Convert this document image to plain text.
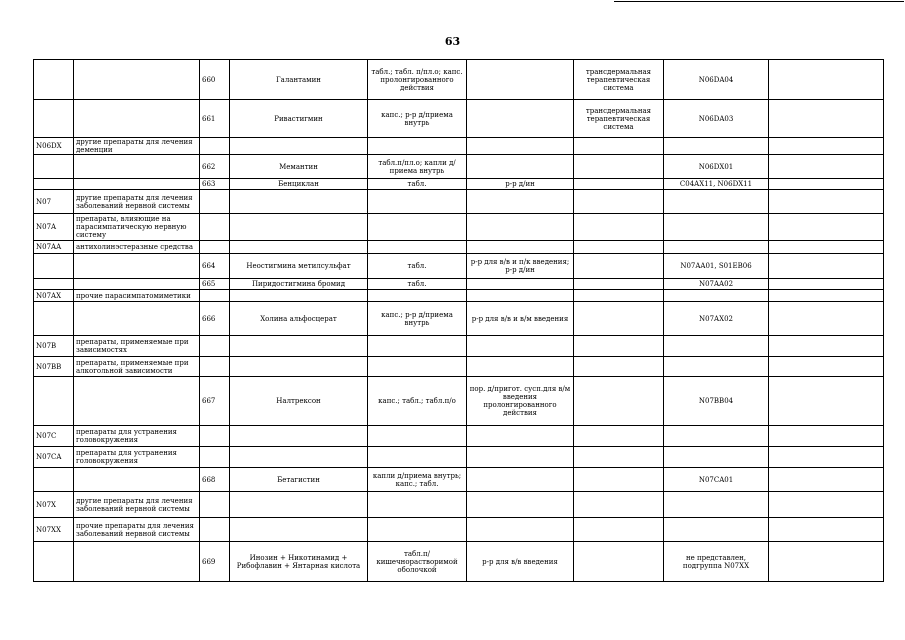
63
		660	Галантамин	табл.; табл. п/пл.о; капс. пролонгированного действия		трансдермальная терапевтическая система	N06DA04	
		661	Ривастигмин	капс.; р-р д/приема внутрь		трансдермальная терапевтическая система	N06DA03	
N06DX	другие препараты для лечения деменции							
		662	Мемантин	табл.п/пл.о; капли д/приема внутрь			N06DX01	
		663	Бенциклан	табл.	р-р д/ин		C04AX11, N06DX11	
N07	другие препараты для лечения заболеваний нервной системы							
N07A	препараты, влияющие на парасимпатическую нервную систему							
N07AA	антихолинэстеразные средства							
		664	Неостигмина метилсульфат	табл.	р-р для в/в и п/к введения; р-р д/ин		N07AA01, S01EB06	
		665	Пиридостигмина бромид	табл.			N07AA02	
N07AX	прочие парасимпатомиметики							
		666	Холина альфосцерат	капс.; р-р д/приема внутрь	р-р для в/в и в/м введения		N07AX02	
N07B	препараты, применяемые при зависимостях							
N07BB	препараты, применяемые при алкогольной зависимости							
		667	Налтрексон	капс.; табл.; табл.п/о	пор. д/пригот. сусп.для в/м введения пролонгированного действия		N07BB04	
N07C	препараты для устранения головокружения							
N07CA	препараты для устранения головокружения							
		668	Бетагистин	капли д/приема внутрь; капс.; табл.			N07CA01	
N07X	другие препараты для лечения заболеваний нервной системы							
N07XX	прочие препараты для лечения заболеваний нервной системы							
		669	Инозин + Никотинамид + Рибофлавин + Янтарная кислота	табл.п/кишечнорастворимой оболочкой	р-р для в/в введения		не представлен, подгруппа N07XX	
